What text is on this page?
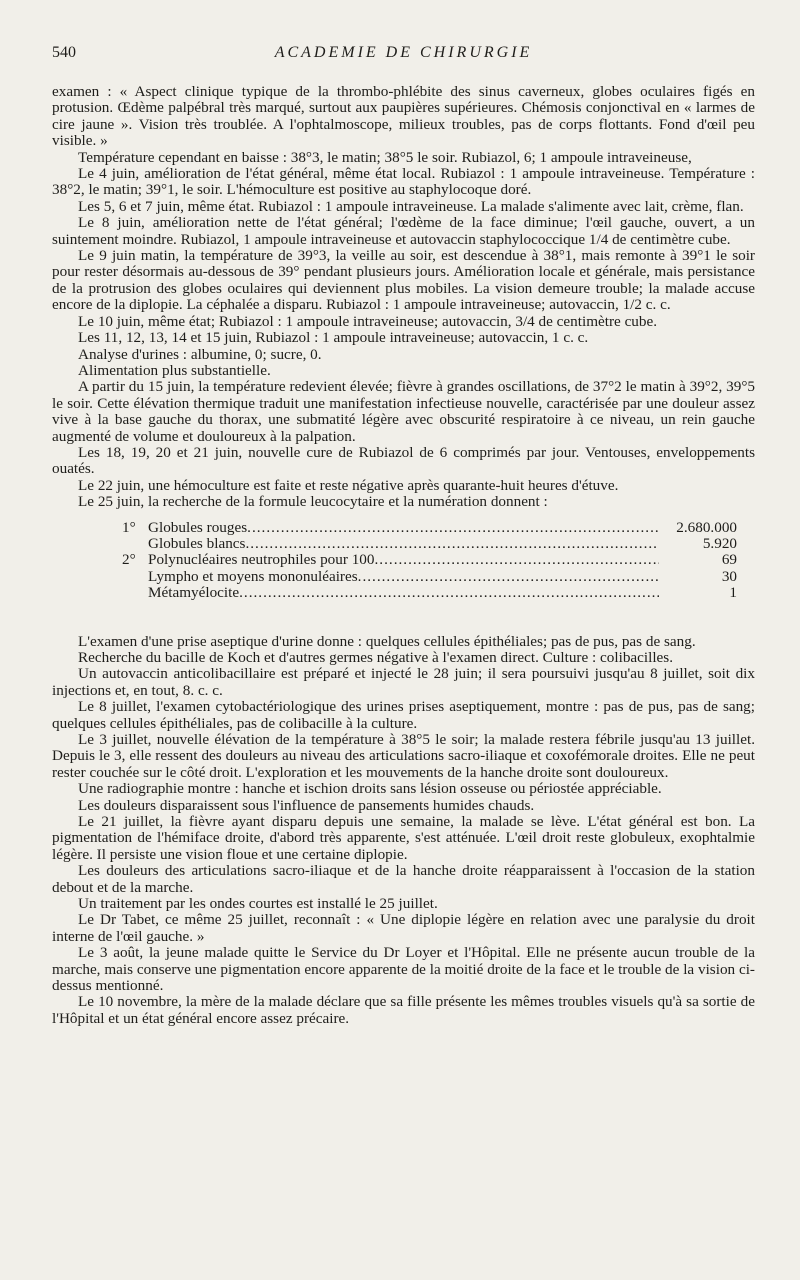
540	ACADEMIE DE CHIRURGIE

examen : « Aspect clinique typique de la thrombo-phlébite des sinus caverneux, globes oculaires figés en protusion. Œdème palpébral très marqué, surtout aux paupières supérieures. Chémosis conjonctival en « larmes de cire jaune ». Vision très troublée. A l'ophtalmoscope, milieux troubles, pas de corps flottants. Fond d'œil peu visible. »

Température cependant en baisse : 38°3, le matin; 38°5 le soir. Rubiazol, 6; 1 ampoule intraveineuse,

Le 4 juin, amélioration de l'état général, même état local. Rubiazol : 1 ampoule intraveineuse. Température : 38°2, le matin; 39°1, le soir. L'hémoculture est positive au staphylocoque doré.

Les 5, 6 et 7 juin, même état. Rubiazol : 1 ampoule intraveineuse. La malade s'alimente avec lait, crème, flan.

Le 8 juin, amélioration nette de l'état général; l'œdème de la face diminue; l'œil gauche, ouvert, a un suintement moindre. Rubiazol, 1 ampoule intraveineuse et autovaccin staphylococcique 1/4 de centimètre cube.

Le 9 juin matin, la température de 39°3, la veille au soir, est descendue à 38°1, mais remonte à 39°1 le soir pour rester désormais au-dessous de 39° pendant plusieurs jours. Amélioration locale et générale, mais persistance de la protrusion des globes oculaires qui deviennent plus mobiles. La vision demeure trouble; la malade accuse encore de la diplopie. La céphalée a disparu. Rubiazol : 1 ampoule intraveineuse; autovaccin, 1/2 c. c.

Le 10 juin, même état; Rubiazol : 1 ampoule intraveineuse; autovaccin, 3/4 de centimètre cube.

Les 11, 12, 13, 14 et 15 juin, Rubiazol : 1 ampoule intraveineuse; autovaccin, 1 c. c.

Analyse d'urines : albumine, 0; sucre, 0.

Alimentation plus substantielle.

A partir du 15 juin, la température redevient élevée; fièvre à grandes oscillations, de 37°2 le matin à 39°2, 39°5 le soir. Cette élévation thermique traduit une manifestation infectieuse nouvelle, caractérisée par une douleur assez vive à la base gauche du thorax, une submatité légère avec obscurité respiratoire à ce niveau, un rein gauche augmenté de volume et douloureux à la palpation.

Les 18, 19, 20 et 21 juin, nouvelle cure de Rubiazol de 6 comprimés par jour. Ventouses, enveloppements ouatés.

Le 22 juin, une hémoculture est faite et reste négative après quarante-huit heures d'étuve.

Le 25 juin, la recherche de la formule leucocytaire et la numération donnent :

1° Globules rouges .....	2.680.000
Globules blancs .....	5.920
2° Polynucléaires neutrophiles pour 100 .....	69
Lympho et moyens mononuléaires .....	30
Métamyélocite .....	1

L'examen d'une prise aseptique d'urine donne : quelques cellules épithéliales; pas de pus, pas de sang.

Recherche du bacille de Koch et d'autres germes négative à l'examen direct. Culture : colibacilles.

Un autovaccin anticolibacillaire est préparé et injecté le 28 juin; il sera poursuivi jusqu'au 8 juillet, soit dix injections et, en tout, 8. c. c.

Le 8 juillet, l'examen cytobactériologique des urines prises aseptiquement, montre : pas de pus, pas de sang; quelques cellules épithéliales, pas de colibacille à la culture.

Le 3 juillet, nouvelle élévation de la température à 38°5 le soir; la malade restera fébrile jusqu'au 13 juillet. Depuis le 3, elle ressent des douleurs au niveau des articulations sacro-iliaque et coxofémorale droites. Elle ne peut rester couchée sur le côté droit. L'exploration et les mouvements de la hanche droite sont douloureux.

Une radiographie montre : hanche et ischion droits sans lésion osseuse ou périostée appréciable.

Les douleurs disparaissent sous l'influence de pansements humides chauds.

Le 21 juillet, la fièvre ayant disparu depuis une semaine, la malade se lève. L'état général est bon. La pigmentation de l'hémiface droite, d'abord très apparente, s'est atténuée. L'œil droit reste globuleux, exophtalmie légère. Il persiste une vision floue et une certaine diplopie.

Les douleurs des articulations sacro-iliaque et de la hanche droite réapparaissent à l'occasion de la station debout et de la marche.

Un traitement par les ondes courtes est installé le 25 juillet.

Le Dr Tabet, ce même 25 juillet, reconnaît : « Une diplopie légère en relation avec une paralysie du droit interne de l'œil gauche. »

Le 3 août, la jeune malade quitte le Service du Dr Loyer et l'Hôpital. Elle ne présente aucun trouble de la marche, mais conserve une pigmentation encore apparente de la moitié droite de la face et le trouble de la vision ci-dessus mentionné.

Le 10 novembre, la mère de la malade déclare que sa fille présente les mêmes troubles visuels qu'à sa sortie de l'Hôpital et un état général encore assez précaire.
